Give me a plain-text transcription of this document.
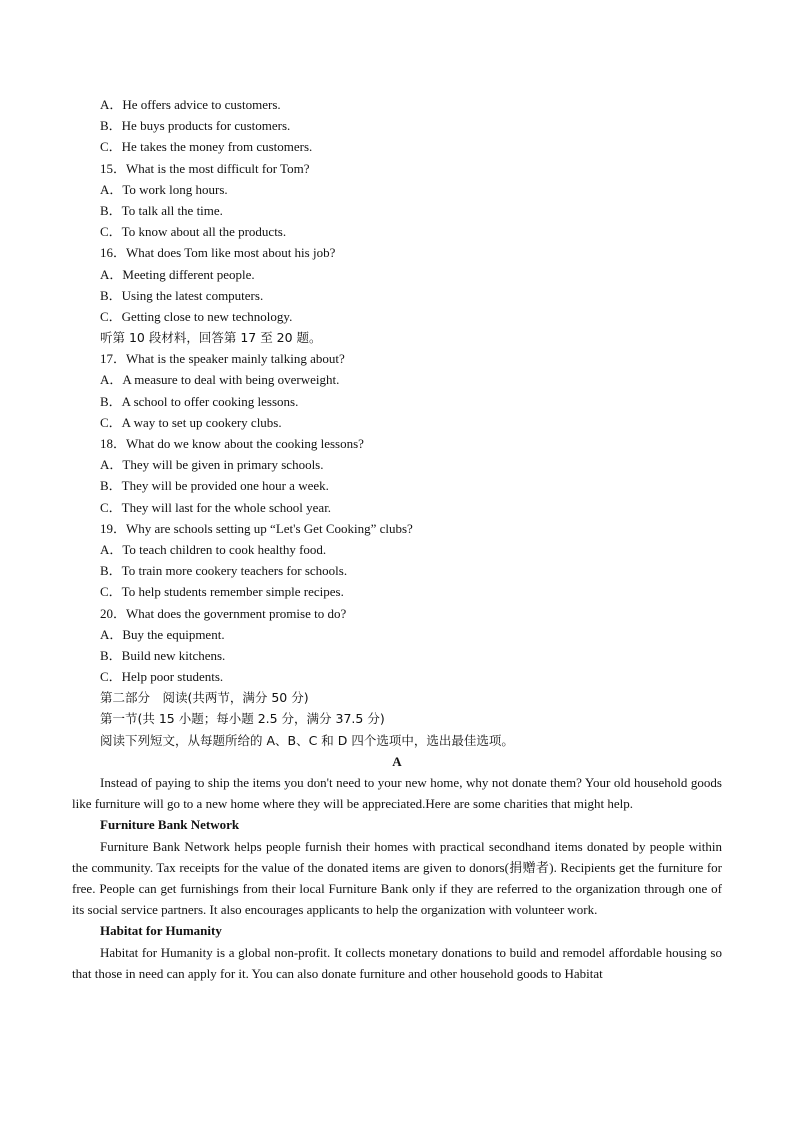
A．He offers advice to customers.
B．He buys products for customers.
C．He takes the money from customers.
15．What is the most difficult for Tom?
A．To work long hours.
B．To talk all the time.
C．To know about all the products.
16．What does Tom like most about his job?
A．Meeting different people.
B．Using the latest computers.
C．Getting close to new technology.
听第 10 段材料，回答第 17 至 20 题。
17．What is the speaker mainly talking about?
A．A measure to deal with being overweight.
B．A school to offer cooking lessons.
C．A way to set up cookery clubs.
18．What do we know about the cooking lessons?
A．They will be given in primary schools.
B．They will be provided one hour a week.
C．They will last for the whole school year.
19．Why are schools setting up “Let's Get Cooking” clubs?
A．To teach children to cook healthy food.
B．To train more cookery teachers for schools.
C．To help students remember simple recipes.
20．What does the government promise to do?
A．Buy the equipment.
B．Build new kitchens.
C．Help poor students.
第二部分　阅读(共两节，满分 50 分)
第一节(共 15 小题；每小题 2.5 分，满分 37.5 分)
阅读下列短文，从每题所给的 A、B、C 和 D 四个选项中，选出最佳选项。
A

Instead of paying to ship the items you don't need to your new home, why not donate them? Your old household goods like furniture will go to a new home where they will be appreciated.Here are some charities that might help.

Furniture Bank Network

Furniture Bank Network helps people furnish their homes with practical secondhand items donated by people within the community. Tax receipts for the value of the donated items are given to donors(捐赠者). Recipients get the furniture for free. People can get furnishings from their local Furniture Bank only if they are referred to the organization through one of its social service partners. It also encourages applicants to help the organization with volunteer work.

Habitat for Humanity

Habitat for Humanity is a global non-profit. It collects monetary donations to build and remodel affordable housing so that those in need can apply for it. You can also donate furniture and other household goods to Habitat
